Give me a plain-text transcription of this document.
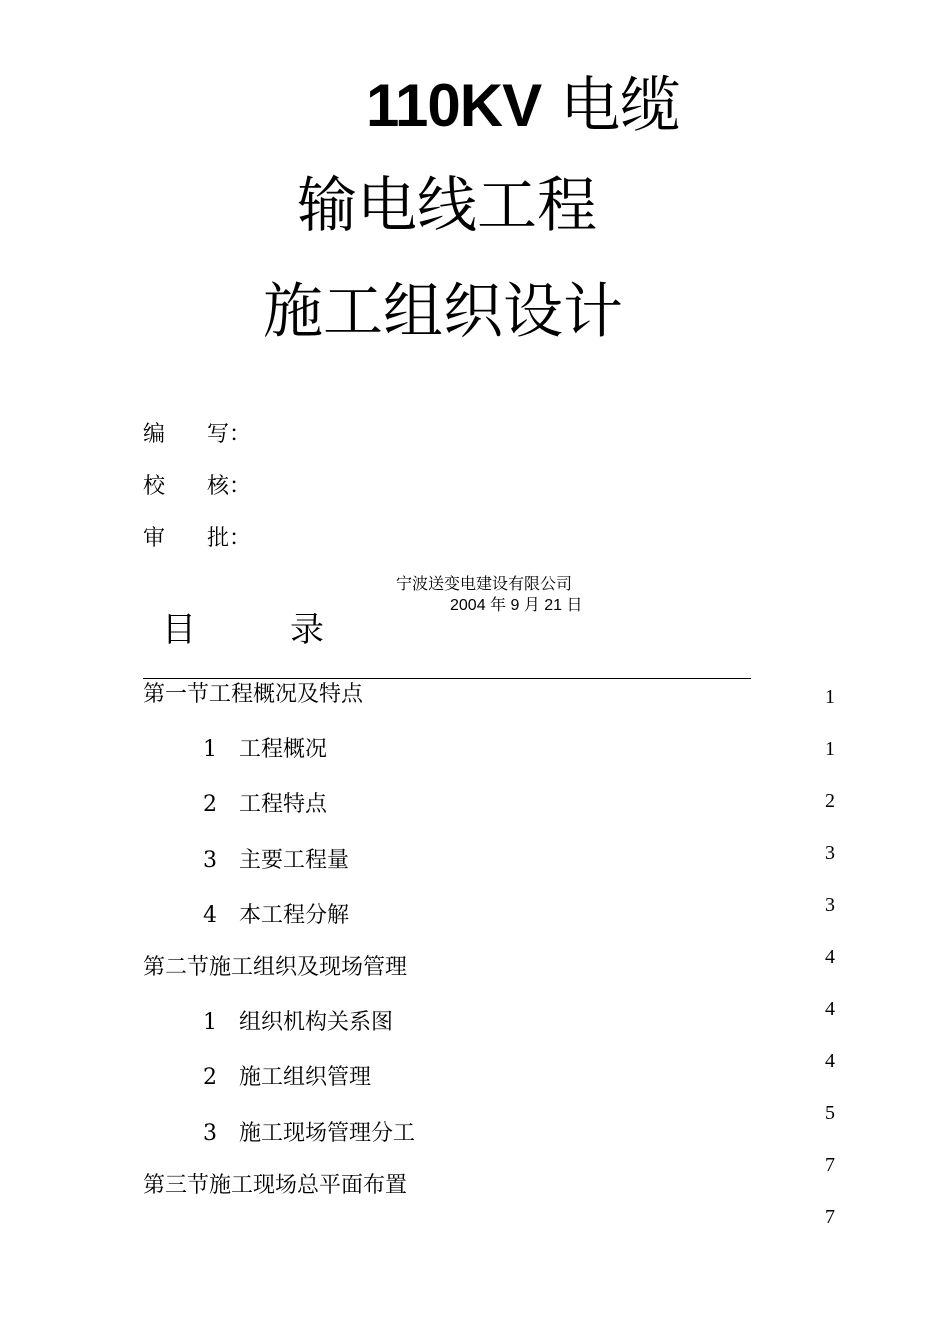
110KV 电缆
输电线工程
施工组织设计
编 写：
校 核：
审 批：
宁波送变电建设有限公司
2004 年 9 月 21 日
目	录
第一节工程概况及特点
1 工程概况
2 工程特点
3 主要工程量
4 本工程分解
第二节施工组织及现场管理
1 组织机构关系图
2 施工组织管理
3 施工现场管理分工
第三节施工现场总平面布置
1
1
2
3
3
4
4
4
5
7
7
